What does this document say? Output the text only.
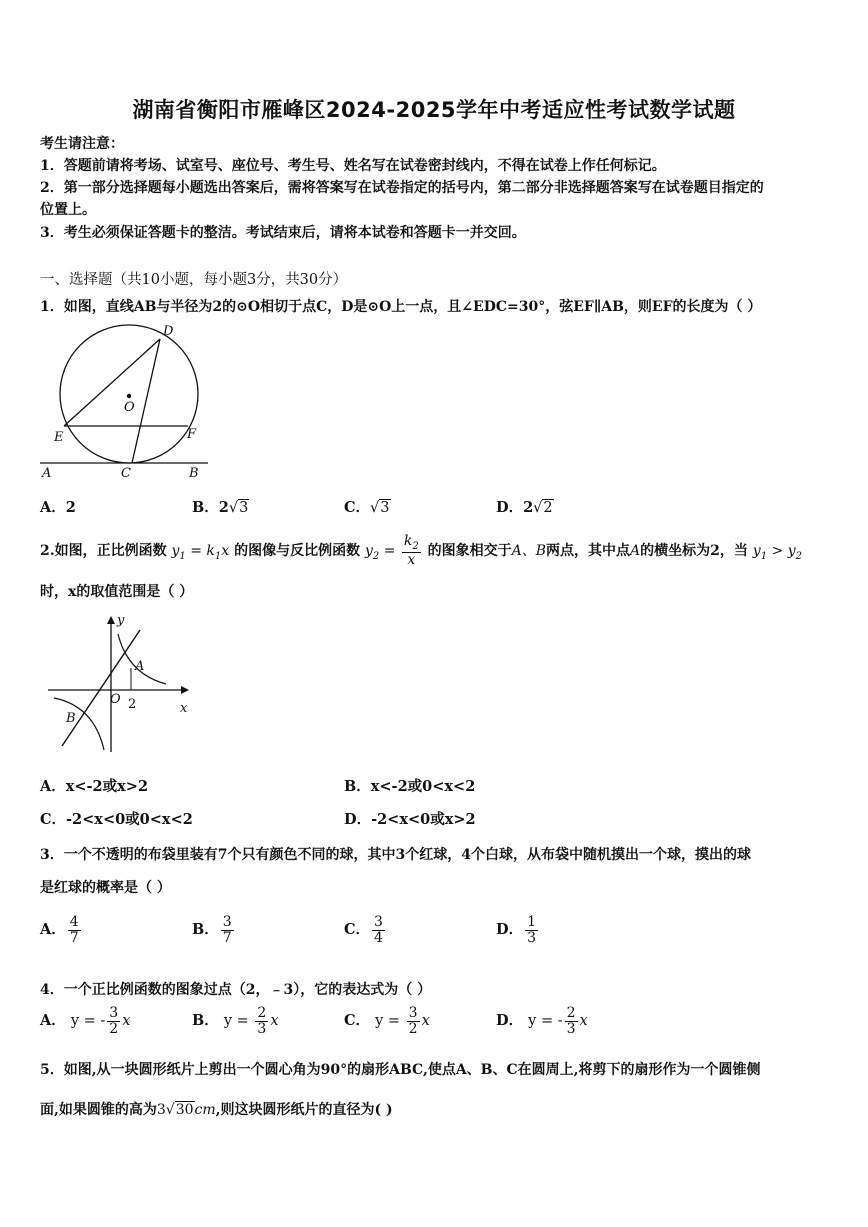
湖南省衡阳市雁峰区2024-2025学年中考适应性考试数学试题
考生请注意：
1．答题前请将考场、试室号、座位号、考生号、姓名写在试卷密封线内，不得在试卷上作任何标记。
2．第一部分选择题每小题选出答案后，需将答案写在试卷指定的括号内，第二部分非选择题答案写在试卷题目指定的
位置上。
3．考生必须保证答题卡的整洁。考试结束后，请将本试卷和答题卡一并交回。
一、选择题（共10小题，每小题3分，共30分）
1．如图，直线AB与半径为2的⊙O相切于点C，D是⊙O上一点，且∠EDC=30°，弦EF∥AB，则EF的长度为（ ）
D
O
E	F
A	C	B
A．2	B．2√3	C．√3	D．2√2
2.如图，正比例函数 $y_1 = k_1x$ 的图像与反比例函数 $y_2 = \frac{k_2}{x}$ 的图象相交于A、B两点，其中点A的横坐标为2，当 $y_1 > y_2$
时，x的取值范围是（ ）
y
A
O 2	x
B
A．x<-2或x>2	B．x<-2或0<x<2
C．-2<x<0或0<x<2	D．-2<x<0或x>2
3．一个不透明的布袋里装有7个只有颜色不同的球，其中3个红球，4个白球，从布袋中随机摸出一个球，摸出的球
是红球的概率是（ ）
A． $\frac{4}{7}$	B． $\frac{3}{7}$	C． $\frac{3}{4}$	D． $\frac{1}{3}$
4．一个正比例函数的图象过点（2，﹣3），它的表达式为（ ）
A． y = - $\frac{3}{2}$ x	B． $y = \frac{2}{3}$ x	C． $y = \frac{3}{2}$ x	D． y = - $\frac{2}{3}$ x
5．如图,从一块圆形纸片上剪出一个圆心角为90°的扇形ABC,使点A、B、C在圆周上,将剪下的扇形作为一个圆锥侧
面,如果圆锥的高为3√30cm,则这块圆形纸片的直径为( )
